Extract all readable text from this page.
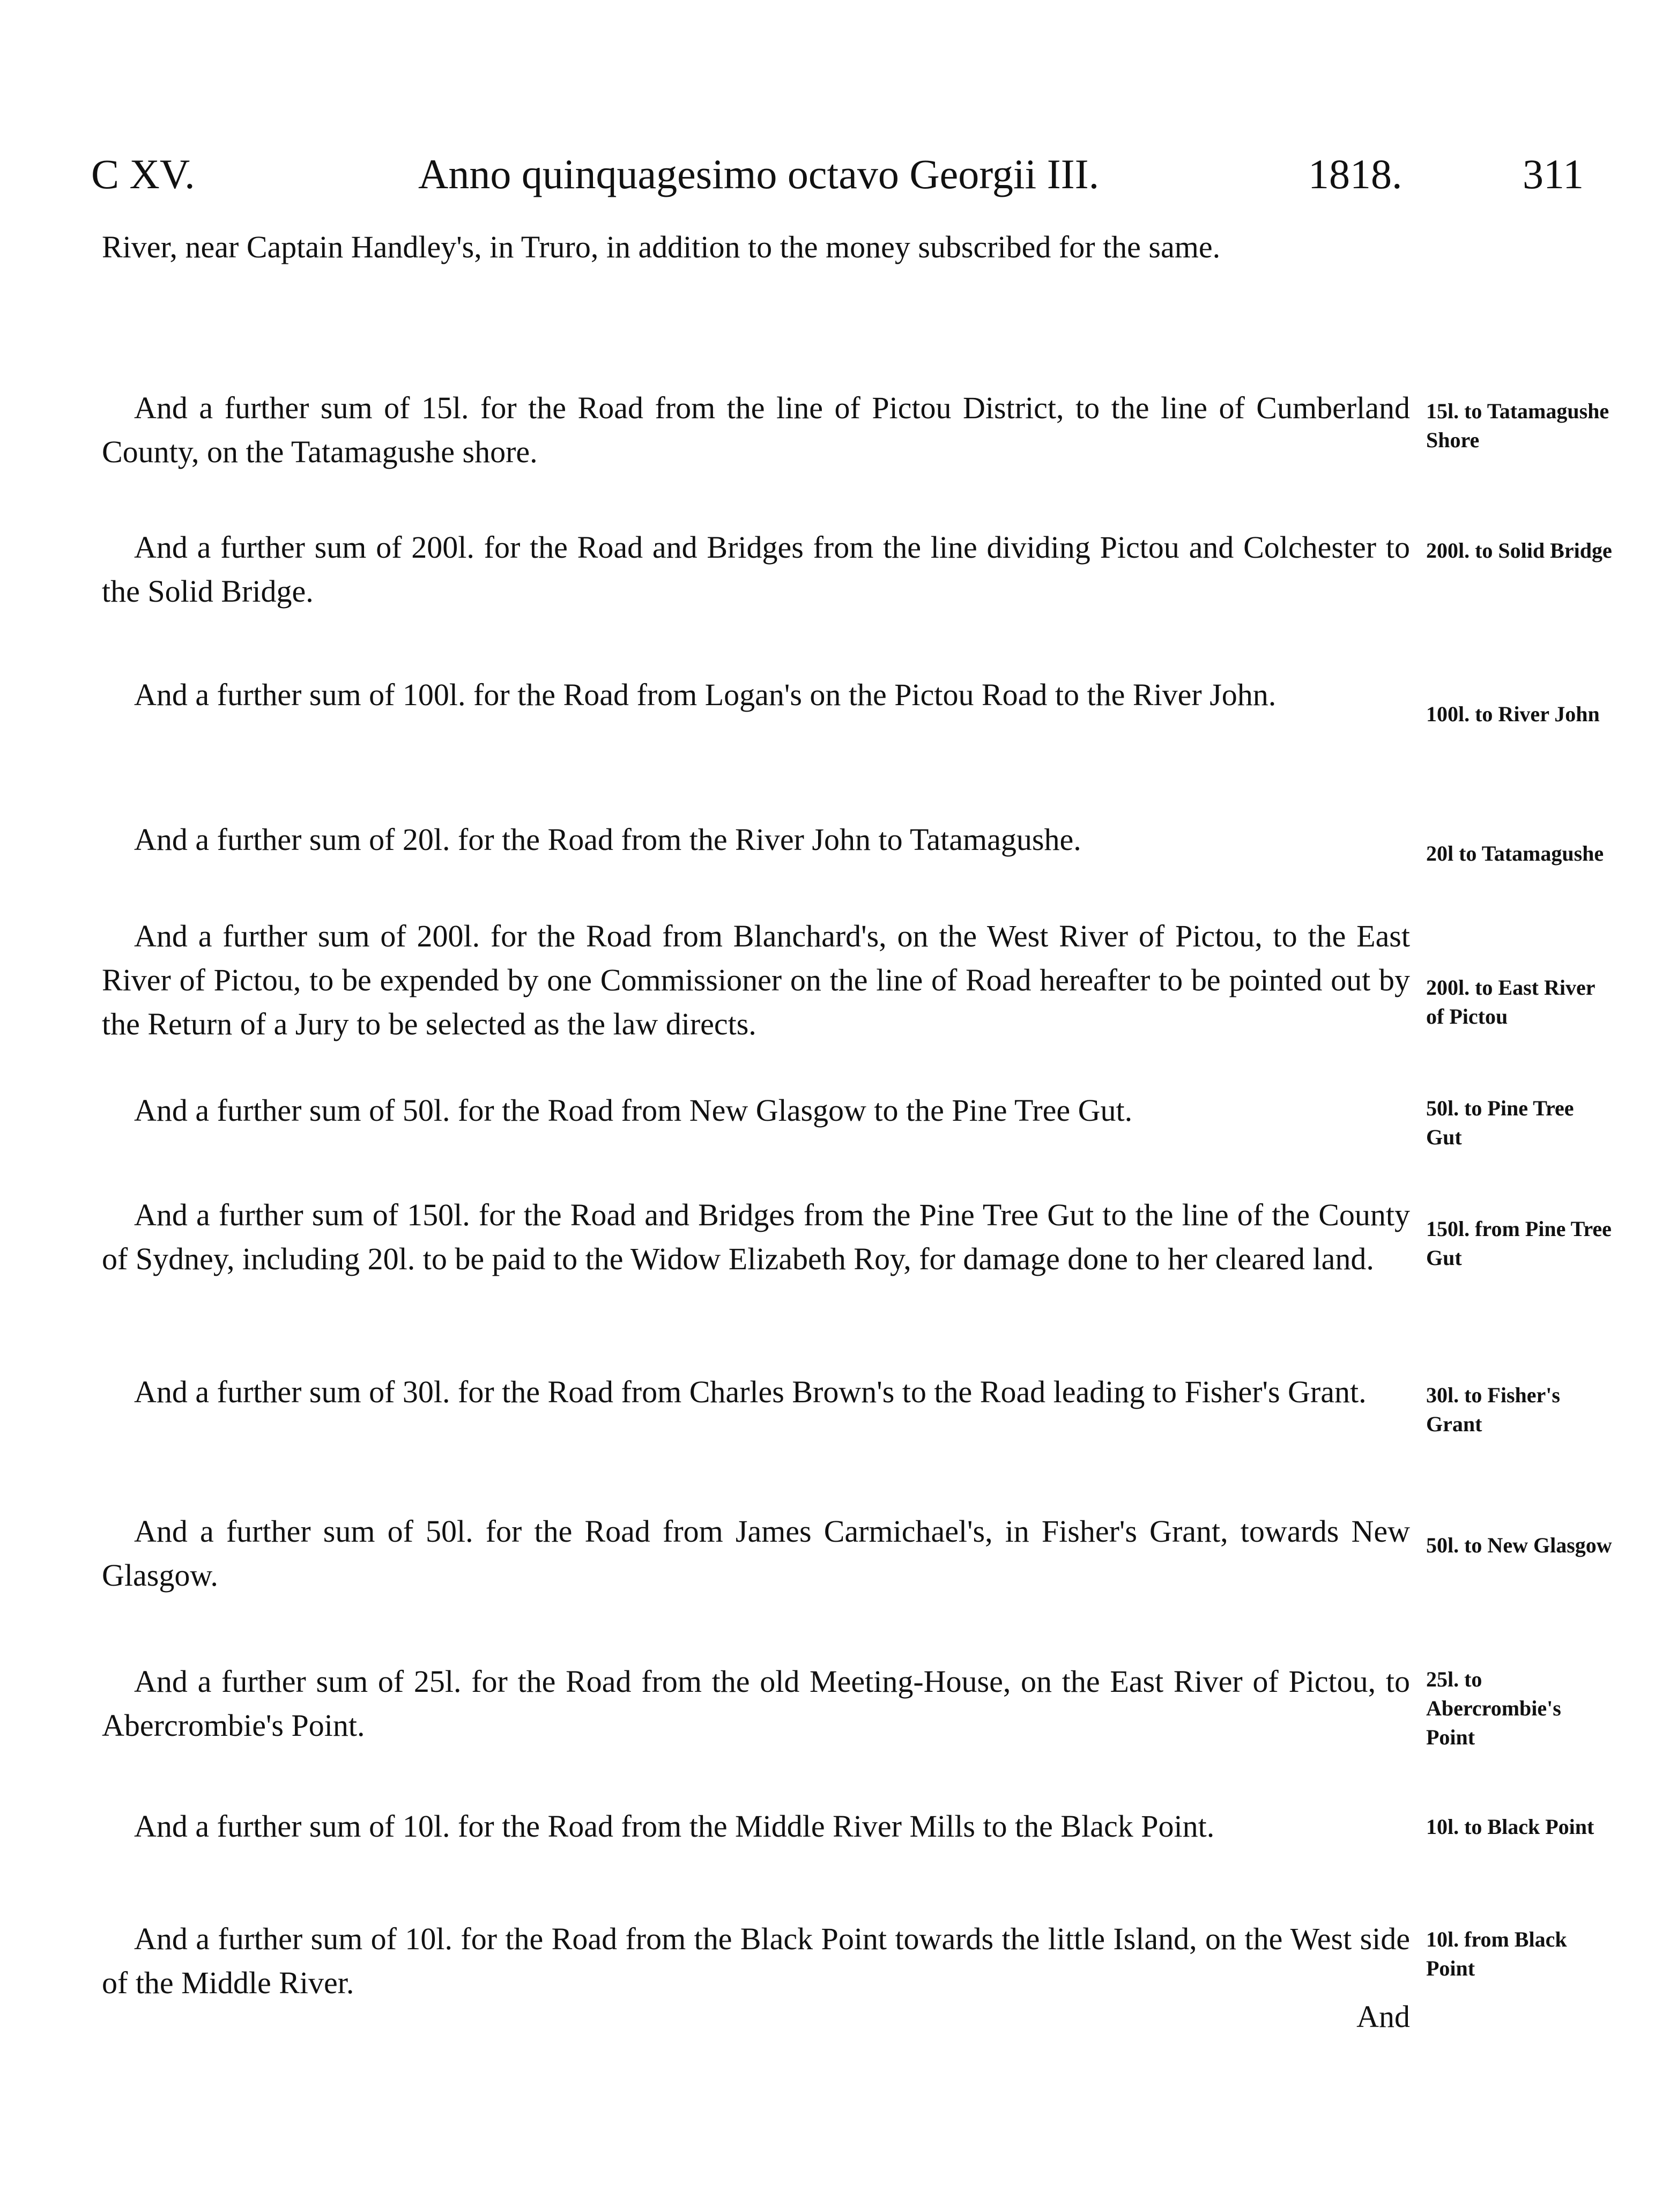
C XV.	Anno quinquagesimo octavo Georgii III.	1818.	311

River, near Captain Handley's, in Truro, in addition to the money subscribed for the same.

And a further sum of 15l. for the Road from the line of Pictou District, to the line of Cumberland County, on the Tatamagushe shore.

15l. to Tatamagushe Shore

And a further sum of 200l. for the Road and Bridges from the line dividing Pictou and Colchester to the Solid Bridge.

200l. to Solid Bridge

And a further sum of 100l. for the Road from Logan's on the Pictou Road to the River John.

100l. to River John

And a further sum of 20l. for the Road from the River John to Tatamagushe.	20l to Tatamagushe

And a further sum of 200l. for the Road from Blanchard's, on the West River of Pictou, to the East River of Pictou, to be expended by one Commissioner on the line of Road hereafter to be pointed out by the Return of a Jury to be selected as the law directs.

200l. to East River of Pictou

And a further sum of 50l. for the Road from New Glasgow to the Pine Tree Gut.	50l. to Pine Tree Gut

And a further sum of 150l. for the Road and Bridges from the Pine Tree Gut to the line of the County of Sydney, including 20l. to be paid to the Widow Elizabeth Roy, for damage done to her cleared land.

150l. from Pine Tree Gut

And a further sum of 30l. for the Road from Charles Brown's to the Road leading to Fisher's Grant.	30l. to Fisher's Grant

And a further sum of 50l. for the Road from James Carmichael's, in Fisher's Grant, towards New Glasgow.

50l. to New Glasgow

And a further sum of 25l. for the Road from the old Meeting-House, on the East River of Pictou, to Abercrombie's Point.

25l. to Abercrombie's Point

And a further sum of 10l. for the Road from the Middle River Mills to the Black Point.	10l. to Black Point

And a further sum of 10l. for the Road from the Black Point towards the little Island, on the West side of the Middle River.

10l. from Black Point

And
